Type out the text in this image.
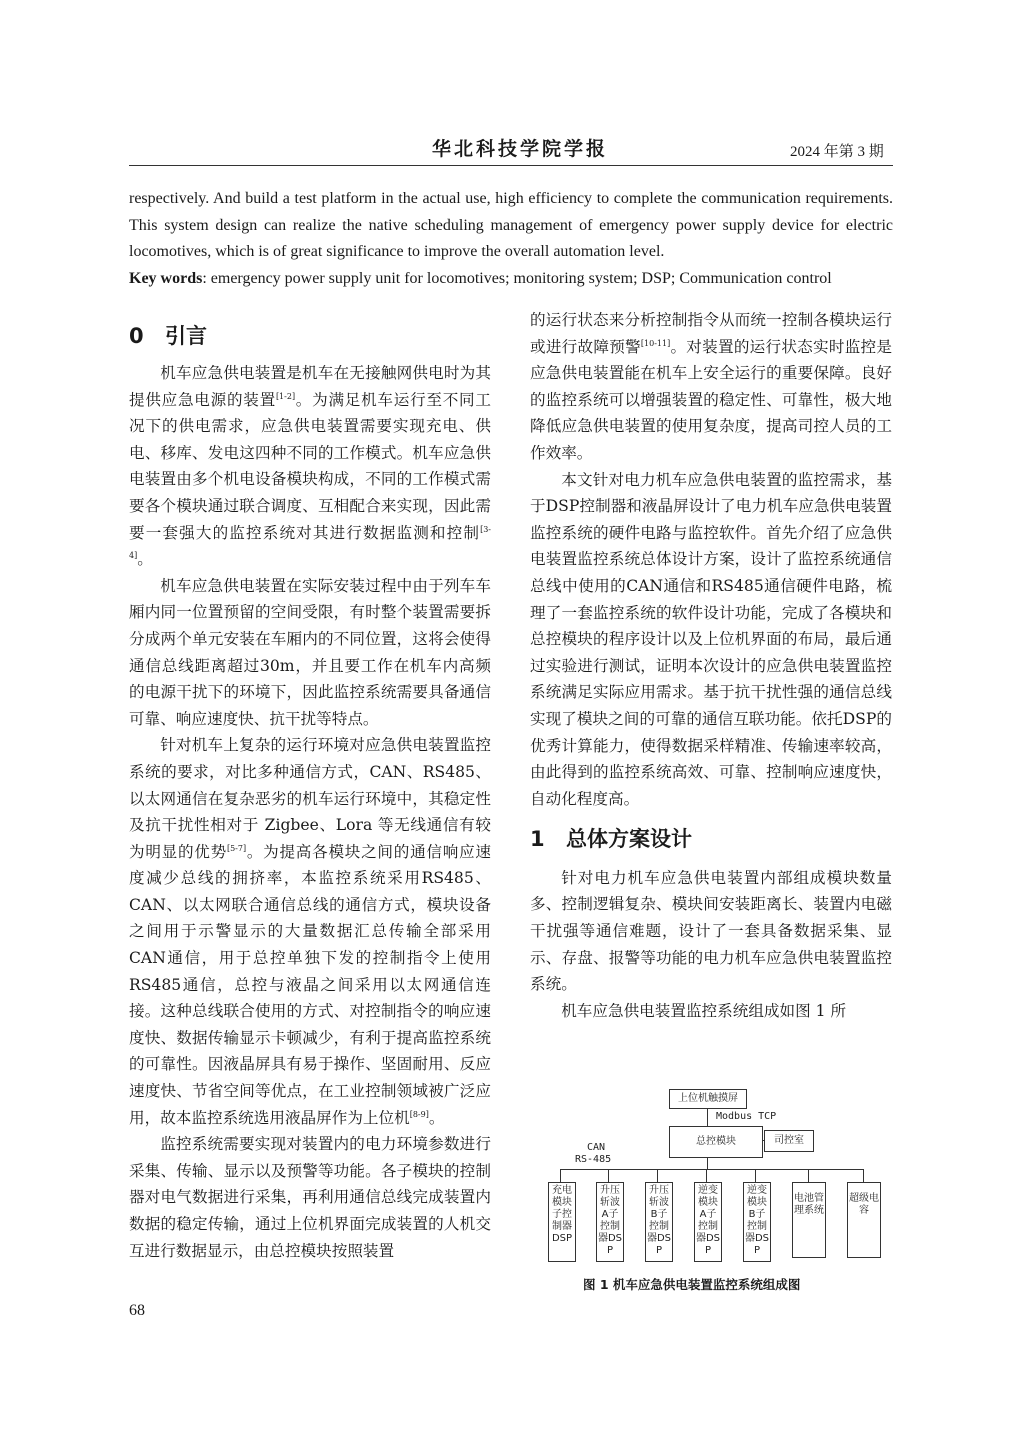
华北科技学院学报	2024 年第 3 期

respectively. And build a test platform in the actual use, high efficiency to complete the communication requirements. This system design can realize the native scheduling management of emergency power supply device for electric locomotives, which is of great significance to improve the overall automation level.

Key words: emergency power supply unit for locomotives; monitoring system; DSP; Communication control

0 引言

机车应急供电装置是机车在无接触网供电时为其提供应急电源的装置[1-2]。为满足机车运行至不同工况下的供电需求，应急供电装置需要实现充电、供电、移库、发电这四种不同的工作模式。机车应急供电装置由多个机电设备模块构成，不同的工作模式需要各个模块通过联合调度、互相配合来实现，因此需要一套强大的监控系统对其进行数据监测和控制[3-4]。

机车应急供电装置在实际安装过程中由于列车车厢内同一位置预留的空间受限，有时整个装置需要拆分成两个单元安装在车厢内的不同位置，这将会使得通信总线距离超过30m，并且要工作在机车内高频的电源干扰下的环境下，因此监控系统需要具备通信可靠、响应速度快、抗干扰等特点。

针对机车上复杂的运行环境对应急供电装置监控系统的要求，对比多种通信方式，CAN、RS485、以太网通信在复杂恶劣的机车运行环境中，其稳定性及抗干扰性相对于 Zigbee、Lora 等无线通信有较为明显的优势[5-7]。为提高各模块之间的通信响应速度减少总线的拥挤率，本监控系统采用RS485、CAN、以太网联合通信总线的通信方式，模块设备之间用于示警显示的大量数据汇总传输全部采用CAN通信，用于总控单独下发的控制指令上使用RS485通信，总控与液晶之间采用以太网通信连接。这种总线联合使用的方式、对控制指令的响应速度快、数据传输显示卡顿减少，有利于提高监控系统的可靠性。因液晶屏具有易于操作、坚固耐用、反应速度快、节省空间等优点，在工业控制领域被广泛应用，故本监控系统选用液晶屏作为上位机[8-9]。

监控系统需要实现对装置内的电力环境参数进行采集、传输、显示以及预警等功能。各子模块的控制器对电气数据进行采集，再利用通信总线完成装置内数据的稳定传输，通过上位机界面完成装置的人机交互进行数据显示，由总控模块按照装置

的运行状态来分析控制指令从而统一控制各模块运行或进行故障预警[10-11]。对装置的运行状态实时监控是应急供电装置能在机车上安全运行的重要保障。良好的监控系统可以增强装置的稳定性、可靠性，极大地降低应急供电装置的使用复杂度，提高司控人员的工作效率。

本文针对电力机车应急供电装置的监控需求，基于DSP控制器和液晶屏设计了电力机车应急供电装置监控系统的硬件电路与监控软件。首先介绍了应急供电装置监控系统总体设计方案，设计了监控系统通信总线中使用的CAN通信和RS485通信硬件电路，梳理了一套监控系统的软件设计功能，完成了各模块和总控模块的程序设计以及上位机界面的布局，最后通过实验进行测试，证明本次设计的应急供电装置监控系统满足实际应用需求。基于抗干扰性强的通信总线实现了模块之间的可靠的通信互联功能。依托DSP的优秀计算能力，使得数据采样精准、传输速率较高，由此得到的监控系统高效、可靠、控制响应速度快，自动化程度高。

1 总体方案设计

针对电力机车应急供电装置内部组成模块数量多、控制逻辑复杂、模块间安装距离长、装置内电磁干扰强等通信难题，设计了一套具备数据采集、显示、存盘、报警等功能的电力机车应急供电装置监控系统。

机车应急供电装置监控系统组成如图 1 所

上位机触摸屏
Modbus TCP
总控模块	司控室
CAN
RS-485
充电模块子控制器DSP
升压斩波A子控制器DSP
升压斩波B子控制器DSP
逆变模块A子控制器DSP
逆变模块B子控制器DSP
电池管理系统
超级电容
图 1 机车应急供电装置监控系统组成图
68
